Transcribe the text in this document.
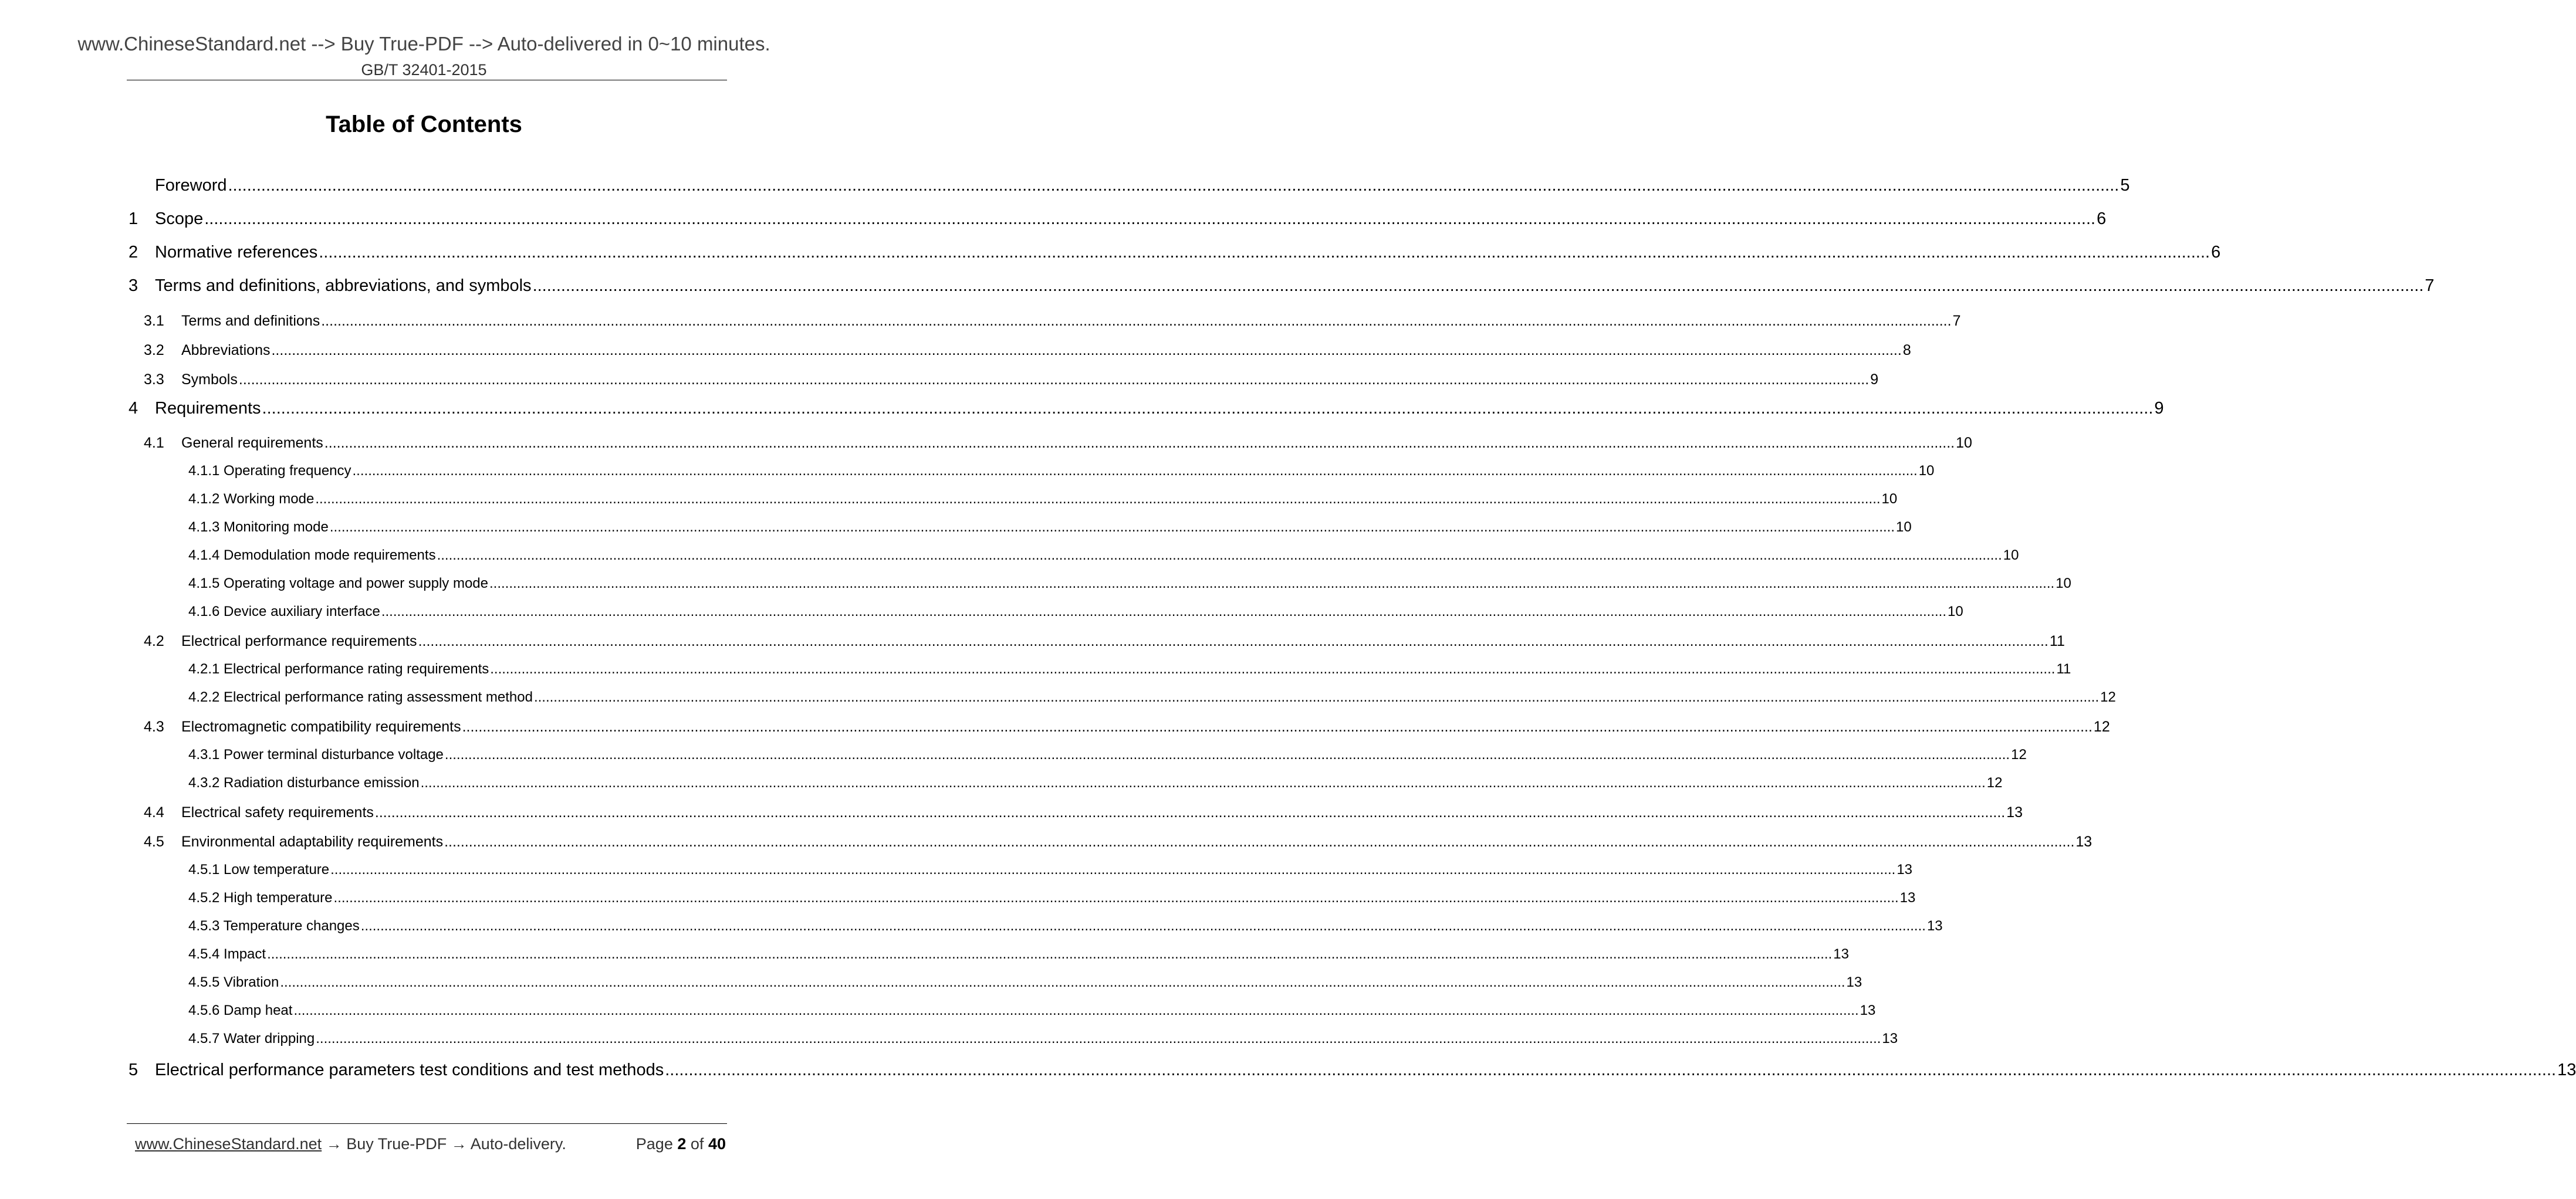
www.ChineseStandard.net --> Buy True-PDF --> Auto-delivered in 0~10 minutes.
GB/T 32401-2015
Table of Contents
Foreword ................................................................................................................................................................................................................................................................................................................................................................................................................ 5
1 Scope ................................................................................................................................................................................................................................................................................................................................................................................................................ 6
2 Normative references ................................................................................................................................................................................................................................................................................................................................................................................................................ 6
3 Terms and definitions, abbreviations, and symbols ................................................................................................................................................................................................................................................................................................................................................................................................................ 7
3.1	Terms and definitions ................................................................................................................................................................................................................................................................................................................................................................................................................ 7
3.2	Abbreviations ................................................................................................................................................................................................................................................................................................................................................................................................................ 8
3.3	Symbols ................................................................................................................................................................................................................................................................................................................................................................................................................ 9
4 Requirements ................................................................................................................................................................................................................................................................................................................................................................................................................ 9
4.1	General requirements ................................................................................................................................................................................................................................................................................................................................................................................................................ 10
4.1.1 Operating frequency ................................................................................................................................................................................................................................................................................................................................................................................................................ 10
4.1.2 Working mode ................................................................................................................................................................................................................................................................................................................................................................................................................ 10
4.1.3 Monitoring mode ................................................................................................................................................................................................................................................................................................................................................................................................................ 10
4.1.4 Demodulation mode requirements ................................................................................................................................................................................................................................................................................................................................................................................................................ 10
4.1.5 Operating voltage and power supply mode ................................................................................................................................................................................................................................................................................................................................................................................................................ 10
4.1.6 Device auxiliary interface ................................................................................................................................................................................................................................................................................................................................................................................................................ 10
4.2	Electrical performance requirements ................................................................................................................................................................................................................................................................................................................................................................................................................ 11
4.2.1 Electrical performance rating requirements ................................................................................................................................................................................................................................................................................................................................................................................................................ 11
4.2.2 Electrical performance rating assessment method ................................................................................................................................................................................................................................................................................................................................................................................................................ 12
4.3	Electromagnetic compatibility requirements ................................................................................................................................................................................................................................................................................................................................................................................................................ 12
4.3.1 Power terminal disturbance voltage ................................................................................................................................................................................................................................................................................................................................................................................................................ 12
4.3.2 Radiation disturbance emission ................................................................................................................................................................................................................................................................................................................................................................................................................ 12
4.4	Electrical safety requirements ................................................................................................................................................................................................................................................................................................................................................................................................................ 13
4.5	Environmental adaptability requirements ................................................................................................................................................................................................................................................................................................................................................................................................................ 13
4.5.1 Low temperature ................................................................................................................................................................................................................................................................................................................................................................................................................ 13
4.5.2 High temperature ................................................................................................................................................................................................................................................................................................................................................................................................................ 13
4.5.3 Temperature changes ................................................................................................................................................................................................................................................................................................................................................................................................................ 13
4.5.4 Impact ................................................................................................................................................................................................................................................................................................................................................................................................................ 13
4.5.5 Vibration ................................................................................................................................................................................................................................................................................................................................................................................................................ 13
4.5.6 Damp heat ................................................................................................................................................................................................................................................................................................................................................................................................................ 13
4.5.7 Water dripping ................................................................................................................................................................................................................................................................................................................................................................................................................ 13
5 Electrical performance parameters test conditions and test methods ................................................................................................................................................................................................................................................................................................................................................................................................................ 13
www.ChineseStandard.net → Buy True-PDF → Auto-delivery.	Page 2 of 40
